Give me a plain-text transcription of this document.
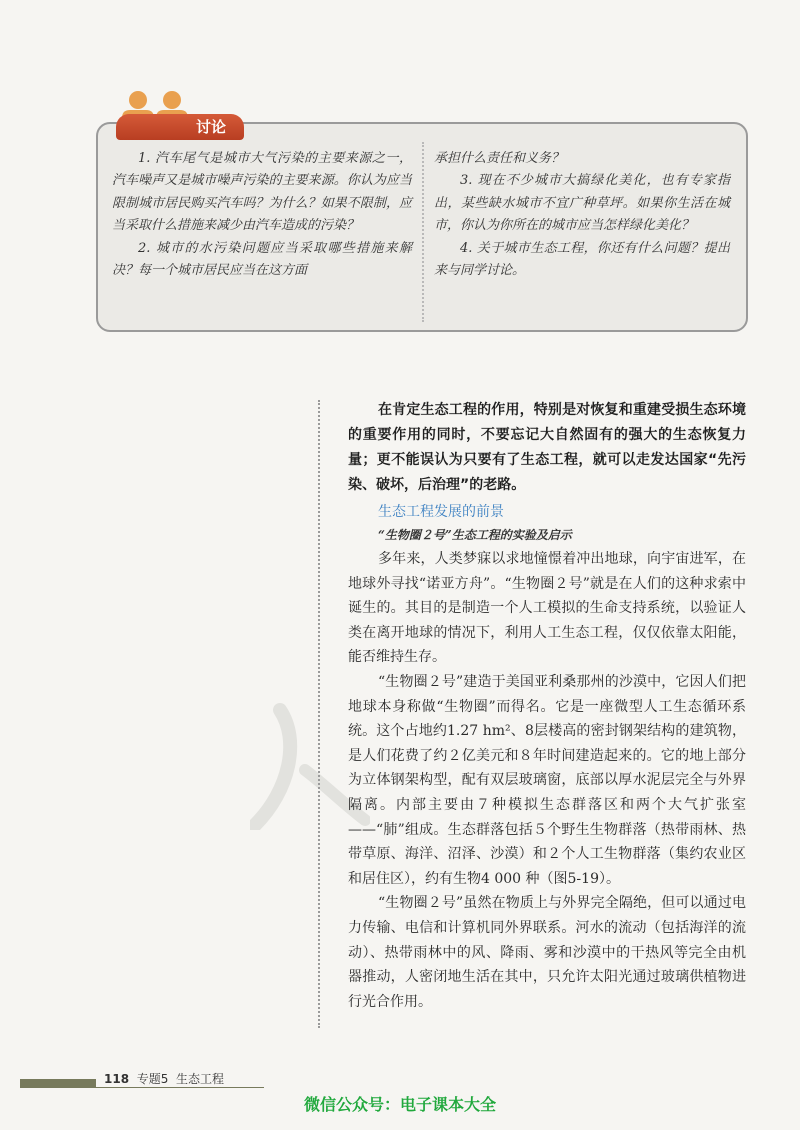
讨论

1. 汽车尾气是城市大气污染的主要来源之一，汽车噪声又是城市噪声污染的主要来源。你认为应当限制城市居民购买汽车吗？为什么？如果不限制，应当采取什么措施来减少由汽车造成的污染？

2. 城市的水污染问题应当采取哪些措施来解决？每一个城市居民应当在这方面

承担什么责任和义务？

3. 现在不少城市大搞绿化美化，也有专家指出，某些缺水城市不宜广种草坪。如果你生活在城市，你认为你所在的城市应当怎样绿化美化？

4. 关于城市生态工程，你还有什么问题？提出来与同学讨论。

在肯定生态工程的作用，特别是对恢复和重建受损生态环境的重要作用的同时，不要忘记大自然固有的强大的生态恢复力量；更不能误认为只要有了生态工程，就可以走发达国家“先污染、破坏，后治理”的老路。

生态工程发展的前景

“生物圈２号”生态工程的实验及启示

多年来，人类梦寐以求地憧憬着冲出地球，向宇宙进军，在地球外寻找“诺亚方舟”。“生物圈２号”就是在人们的这种求索中诞生的。其目的是制造一个人工模拟的生命支持系统，以验证人类在离开地球的情况下，利用人工生态工程，仅仅依靠太阳能，能否维持生存。

“生物圈２号”建造于美国亚利桑那州的沙漠中，它因人们把地球本身称做“生物圈”而得名。它是一座微型人工生态循环系统。这个占地约1.27 hm²、8层楼高的密封钢架结构的建筑物，是人们花费了约２亿美元和８年时间建造起来的。它的地上部分为立体钢架构型，配有双层玻璃窗，底部以厚水泥层完全与外界隔离。内部主要由７种模拟生态群落区和两个大气扩张室——“肺”组成。生态群落包括５个野生生物群落（热带雨林、热带草原、海洋、沼泽、沙漠）和２个人工生物群落（集约农业区和居住区），约有生物4 000 种（图5-19）。

“生物圈２号”虽然在物质上与外界完全隔绝，但可以通过电力传输、电信和计算机同外界联系。河水的流动（包括海洋的流动）、热带雨林中的风、降雨、雾和沙漠中的干热风等完全由机器推动，人密闭地生活在其中，只允许太阳光通过玻璃供植物进行光合作用。

118 专题5 生态工程
微信公众号：电子课本大全
